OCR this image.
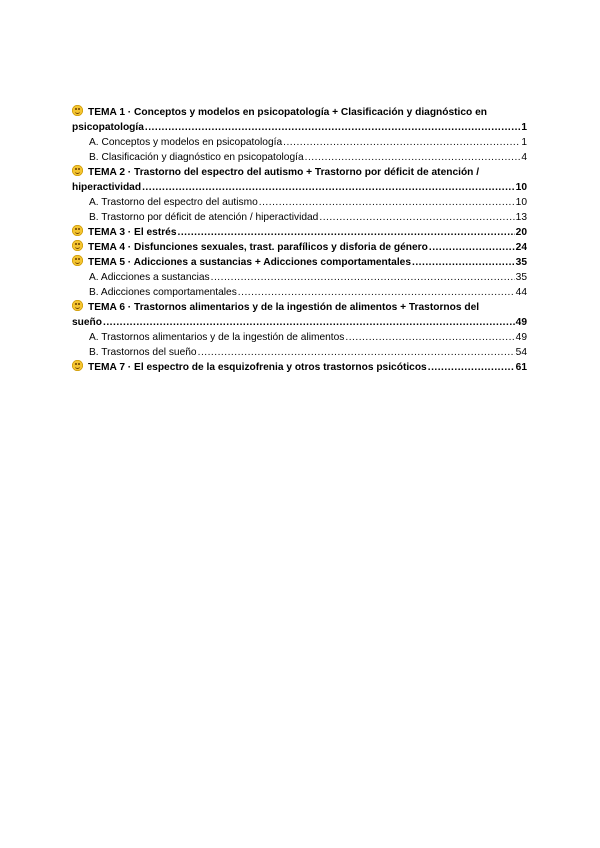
TEMA 1 · Conceptos y modelos en psicopatología + Clasificación y diagnóstico en
psicopatología .....	1
A. Conceptos y modelos en psicopatología .....	1
B. Clasificación y diagnóstico en psicopatología .....	4
TEMA 2 · Trastorno del espectro del autismo + Trastorno por déficit de atención /
hiperactividad .....	10
A. Trastorno del espectro del autismo .....	10
B. Trastorno por déficit de atención / hiperactividad .....	13
TEMA 3 · El estrés .....	20
TEMA 4 · Disfunciones sexuales, trast. parafílicos y disforia de género .....	24
TEMA 5 · Adicciones a sustancias + Adicciones comportamentales .....	35
A. Adicciones a sustancias .....	35
B. Adicciones comportamentales .....	44
TEMA 6 · Trastornos alimentarios y de la ingestión de alimentos + Trastornos del
sueño .....	49
A. Trastornos alimentarios y de la ingestión de alimentos .....	49
B. Trastornos del sueño .....	54
TEMA 7 · El espectro de la esquizofrenia y otros trastornos psicóticos .....	61
